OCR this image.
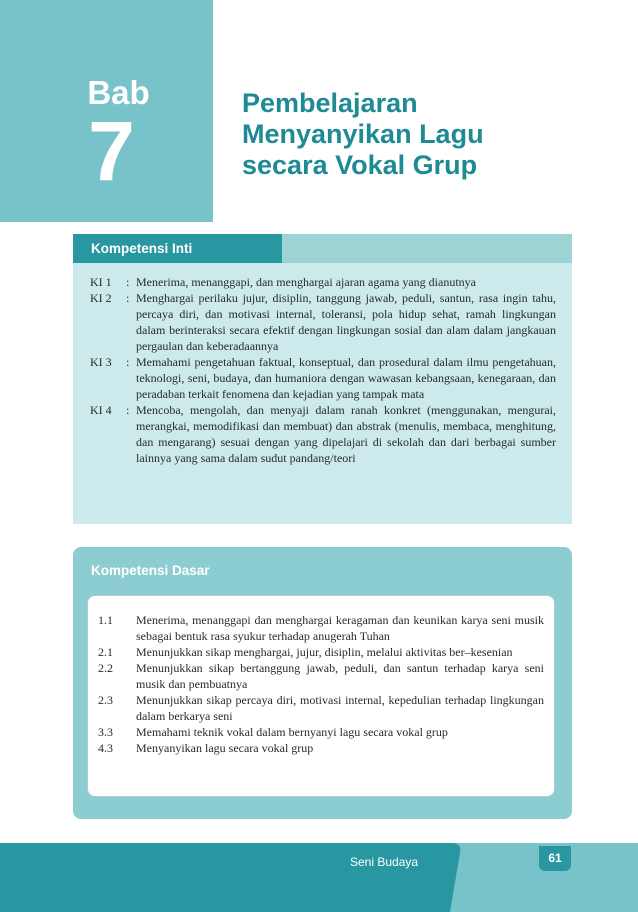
Bab
7
Pembelajaran
Menyanyikan Lagu
secara Vokal Grup
Kompetensi Inti
KI 1	: Menerima, menanggapi, dan menghargai ajaran agama yang dianutnya
KI 2	: Menghargai perilaku jujur, disiplin, tanggung jawab, peduli, santun, rasa ingin tahu, percaya diri, dan motivasi internal, toleransi, pola hidup sehat, ramah lingkungan dalam berinteraksi secara efektif dengan lingkungan sosial dan alam dalam jangkauan pergaulan dan keberadaannya
KI 3	: Memahami pengetahuan faktual, konseptual, dan prosedural dalam ilmu pengetahuan, teknologi, seni, budaya, dan humaniora dengan wawasan kebangsaan, kenegaraan, dan peradaban terkait fenomena dan kejadian yang tampak mata
KI 4	: Mencoba, mengolah, dan menyaji dalam ranah konkret (menggunakan, mengurai, merangkai, memodifikasi dan membuat) dan abstrak (menulis, membaca, menghitung, dan mengarang) sesuai dengan yang dipelajari di sekolah dan dari berbagai sumber lainnya yang sama dalam sudut pandang/teori
Kompetensi Dasar
1.1	Menerima, menanggapi dan menghargai keragaman dan keunikan karya seni musik sebagai bentuk rasa syukur terhadap anugerah Tuhan
2.1	Menunjukkan sikap menghargai, jujur, disiplin, melalui aktivitas ber–kesenian
2.2	Menunjukkan sikap bertanggung jawab, peduli, dan santun terhadap karya seni musik dan pembuatnya
2.3	Menunjukkan sikap percaya diri, motivasi internal, kepedulian terhadap lingkungan dalam berkarya seni
3.3	Memahami teknik vokal dalam bernyanyi lagu secara vokal grup
4.3	Menyanyikan lagu secara vokal grup
Seni Budaya	61
